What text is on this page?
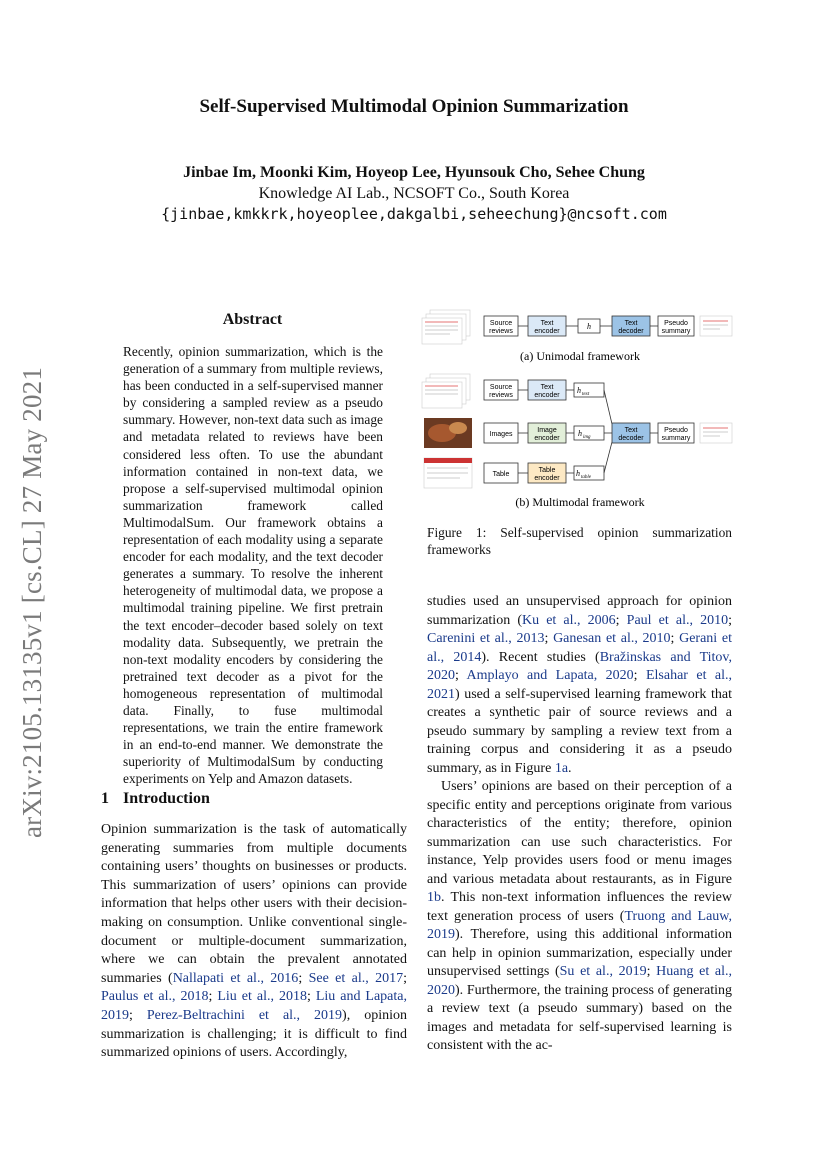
Self-Supervised Multimodal Opinion Summarization
Jinbae Im, Moonki Kim, Hoyeop Lee, Hyunsouk Cho, Sehee Chung
Knowledge AI Lab., NCSOFT Co., South Korea
{jinbae,kmkkrk,hoyeoplee,dakgalbi,seheechung}@ncsoft.com
arXiv:2105.13135v1 [cs.CL] 27 May 2021
Abstract
Recently, opinion summarization, which is the generation of a summary from multiple reviews, has been conducted in a self-supervised manner by considering a sampled review as a pseudo summary. However, non-text data such as image and metadata related to reviews have been considered less often. To use the abundant information contained in non-text data, we propose a self-supervised multimodal opinion summarization framework called MultimodalSum. Our framework obtains a representation of each modality using a separate encoder for each modality, and the text decoder generates a summary. To resolve the inherent heterogeneity of multimodal data, we propose a multimodal training pipeline. We first pretrain the text encoder–decoder based solely on text modality data. Subsequently, we pretrain the non-text modality encoders by considering the pretrained text decoder as a pivot for the homogeneous representation of multimodal data. Finally, to fuse multimodal representations, we train the entire framework in an end-to-end manner. We demonstrate the superiority of MultimodalSum by conducting experiments on Yelp and Amazon datasets.
1 Introduction
Opinion summarization is the task of automatically generating summaries from multiple documents containing users’ thoughts on businesses or products. This summarization of users’ opinions can provide information that helps other users with their decision-making on consumption. Unlike conventional single-document or multiple-document summarization, where we can obtain the prevalent annotated summaries (Nallapati et al., 2016; See et al., 2017; Paulus et al., 2018; Liu et al., 2018; Liu and Lapata, 2019; Perez-Beltrachini et al., 2019), opinion summarization is challenging; it is difficult to find summarized opinions of users. Accordingly,

studies used an unsupervised approach for opinion summarization (Ku et al., 2006; Paul et al., 2010; Carenini et al., 2013; Ganesan et al., 2010; Gerani et al., 2014). Recent studies (Bražinskas and Titov, 2020; Amplayo and Lapata, 2020; Elsahar et al., 2021) used a self-supervised learning framework that creates a synthetic pair of source reviews and a pseudo summary by sampling a review text from a training corpus and considering it as a pseudo summary, as in Figure 1a.

Users’ opinions are based on their perception of a specific entity and perceptions originate from various characteristics of the entity; therefore, opinion summarization can use such characteristics. For instance, Yelp provides users food or menu images and various metadata about restaurants, as in Figure 1b. This non-text information influences the review text generation process of users (Truong and Lauw, 2019). Therefore, using this additional information can help in opinion summarization, especially under unsupervised settings (Su et al., 2019; Huang et al., 2020). Furthermore, the training process of generating a review text (a pseudo summary) based on the images and metadata for self-supervised learning is consistent with the ac-

Source
reviews
Text
encoder
h	Text
decoder
Pseudo
summary
(a) Unimodal framework
Source
reviews
Text
encoder
h text
Images
Image
encoder
h img
Table
Table
encoder
h table
Text
decoder
Pseudo
summary
(b) Multimodal framework
Figure 1: Self-supervised opinion summarization frameworks
